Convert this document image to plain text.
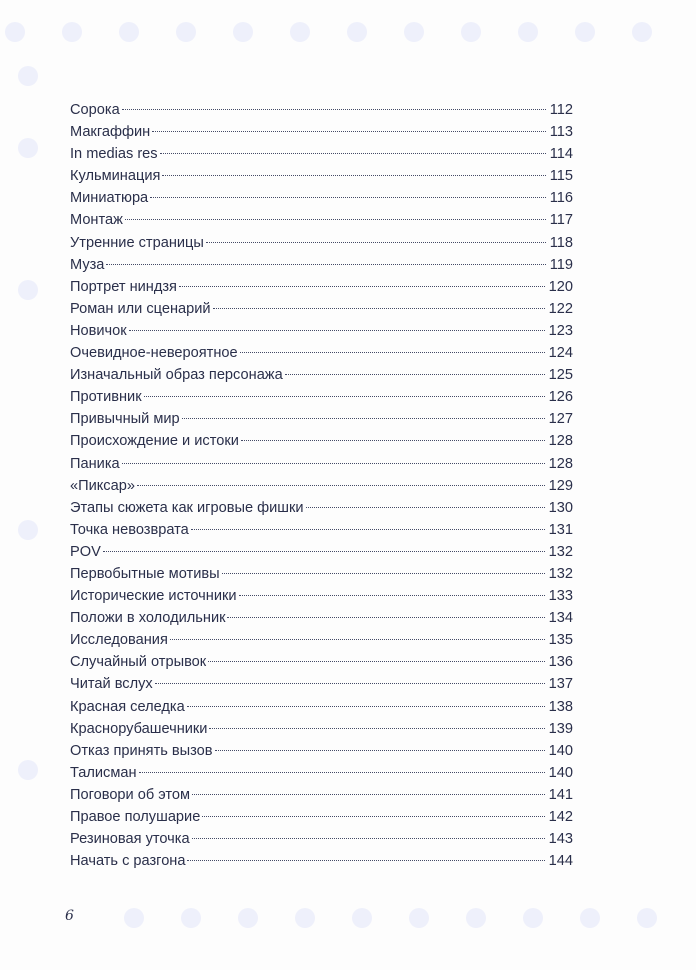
Сорока	112
Макгаффин	113
In medias res	114
Кульминация	115
Миниатюра	116
Монтаж	117
Утренние страницы	118
Муза	119
Портрет ниндзя	120
Роман или сценарий	122
Новичок	123
Очевидное-невероятное	124
Изначальный образ персонажа	125
Противник	126
Привычный мир	127
Происхождение и истоки	128
Паника	128
«Пиксар»	129
Этапы сюжета как игровые фишки	130
Точка невозврата	131
POV	132
Первобытные мотивы	132
Исторические источники	133
Положи в холодильник	134
Исследования	135
Случайный отрывок	136
Читай вслух	137
Красная селедка	138
Краснорубашечники	139
Отказ принять вызов	140
Талисман	140
Поговори об этом	141
Правое полушарие	142
Резиновая уточка	143
Начать с разгона	144
6
